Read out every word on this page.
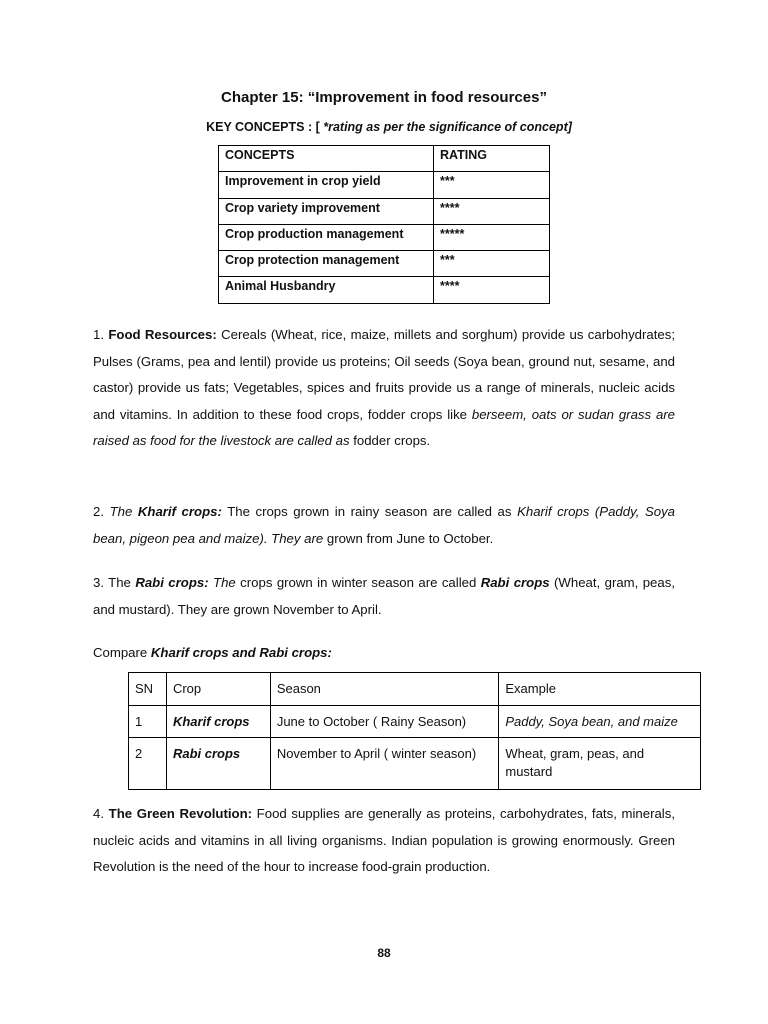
Chapter 15: “Improvement in food resources”

KEY CONCEPTS : [ *rating as per the significance of concept]

CONCEPTS	RATING
Improvement in crop yield	***
Crop variety improvement	****
Crop production management	*****
Crop protection management	***
Animal Husbandry	****

1. Food Resources: Cereals (Wheat, rice, maize, millets and sorghum) provide us carbohydrates; Pulses (Grams, pea and lentil) provide us proteins; Oil seeds (Soya bean, ground nut, sesame, and castor) provide us fats; Vegetables, spices and fruits provide us a range of minerals, nucleic acids and vitamins. In addition to these food crops, fodder crops like berseem, oats or sudan grass are raised as food for the livestock are called as fodder crops.

2. The Kharif crops: The crops grown in rainy season are called as Kharif crops (Paddy, Soya bean, pigeon pea and maize). They are grown from June to October.

3. The Rabi crops: The crops grown in winter season are called Rabi crops (Wheat, gram, peas, and mustard). They are grown November to April.

Compare Kharif crops and Rabi crops:

SN	Crop	Season	Example
1	Kharif crops	June to October ( Rainy Season)	Paddy, Soya bean, and maize
2	Rabi crops	November to April ( winter season)	Wheat, gram, peas, and mustard

4. The Green Revolution: Food supplies are generally as proteins, carbohydrates, fats, minerals, nucleic acids and vitamins in all living organisms. Indian population is growing enormously. Green Revolution is the need of the hour to increase food-grain production.

88
